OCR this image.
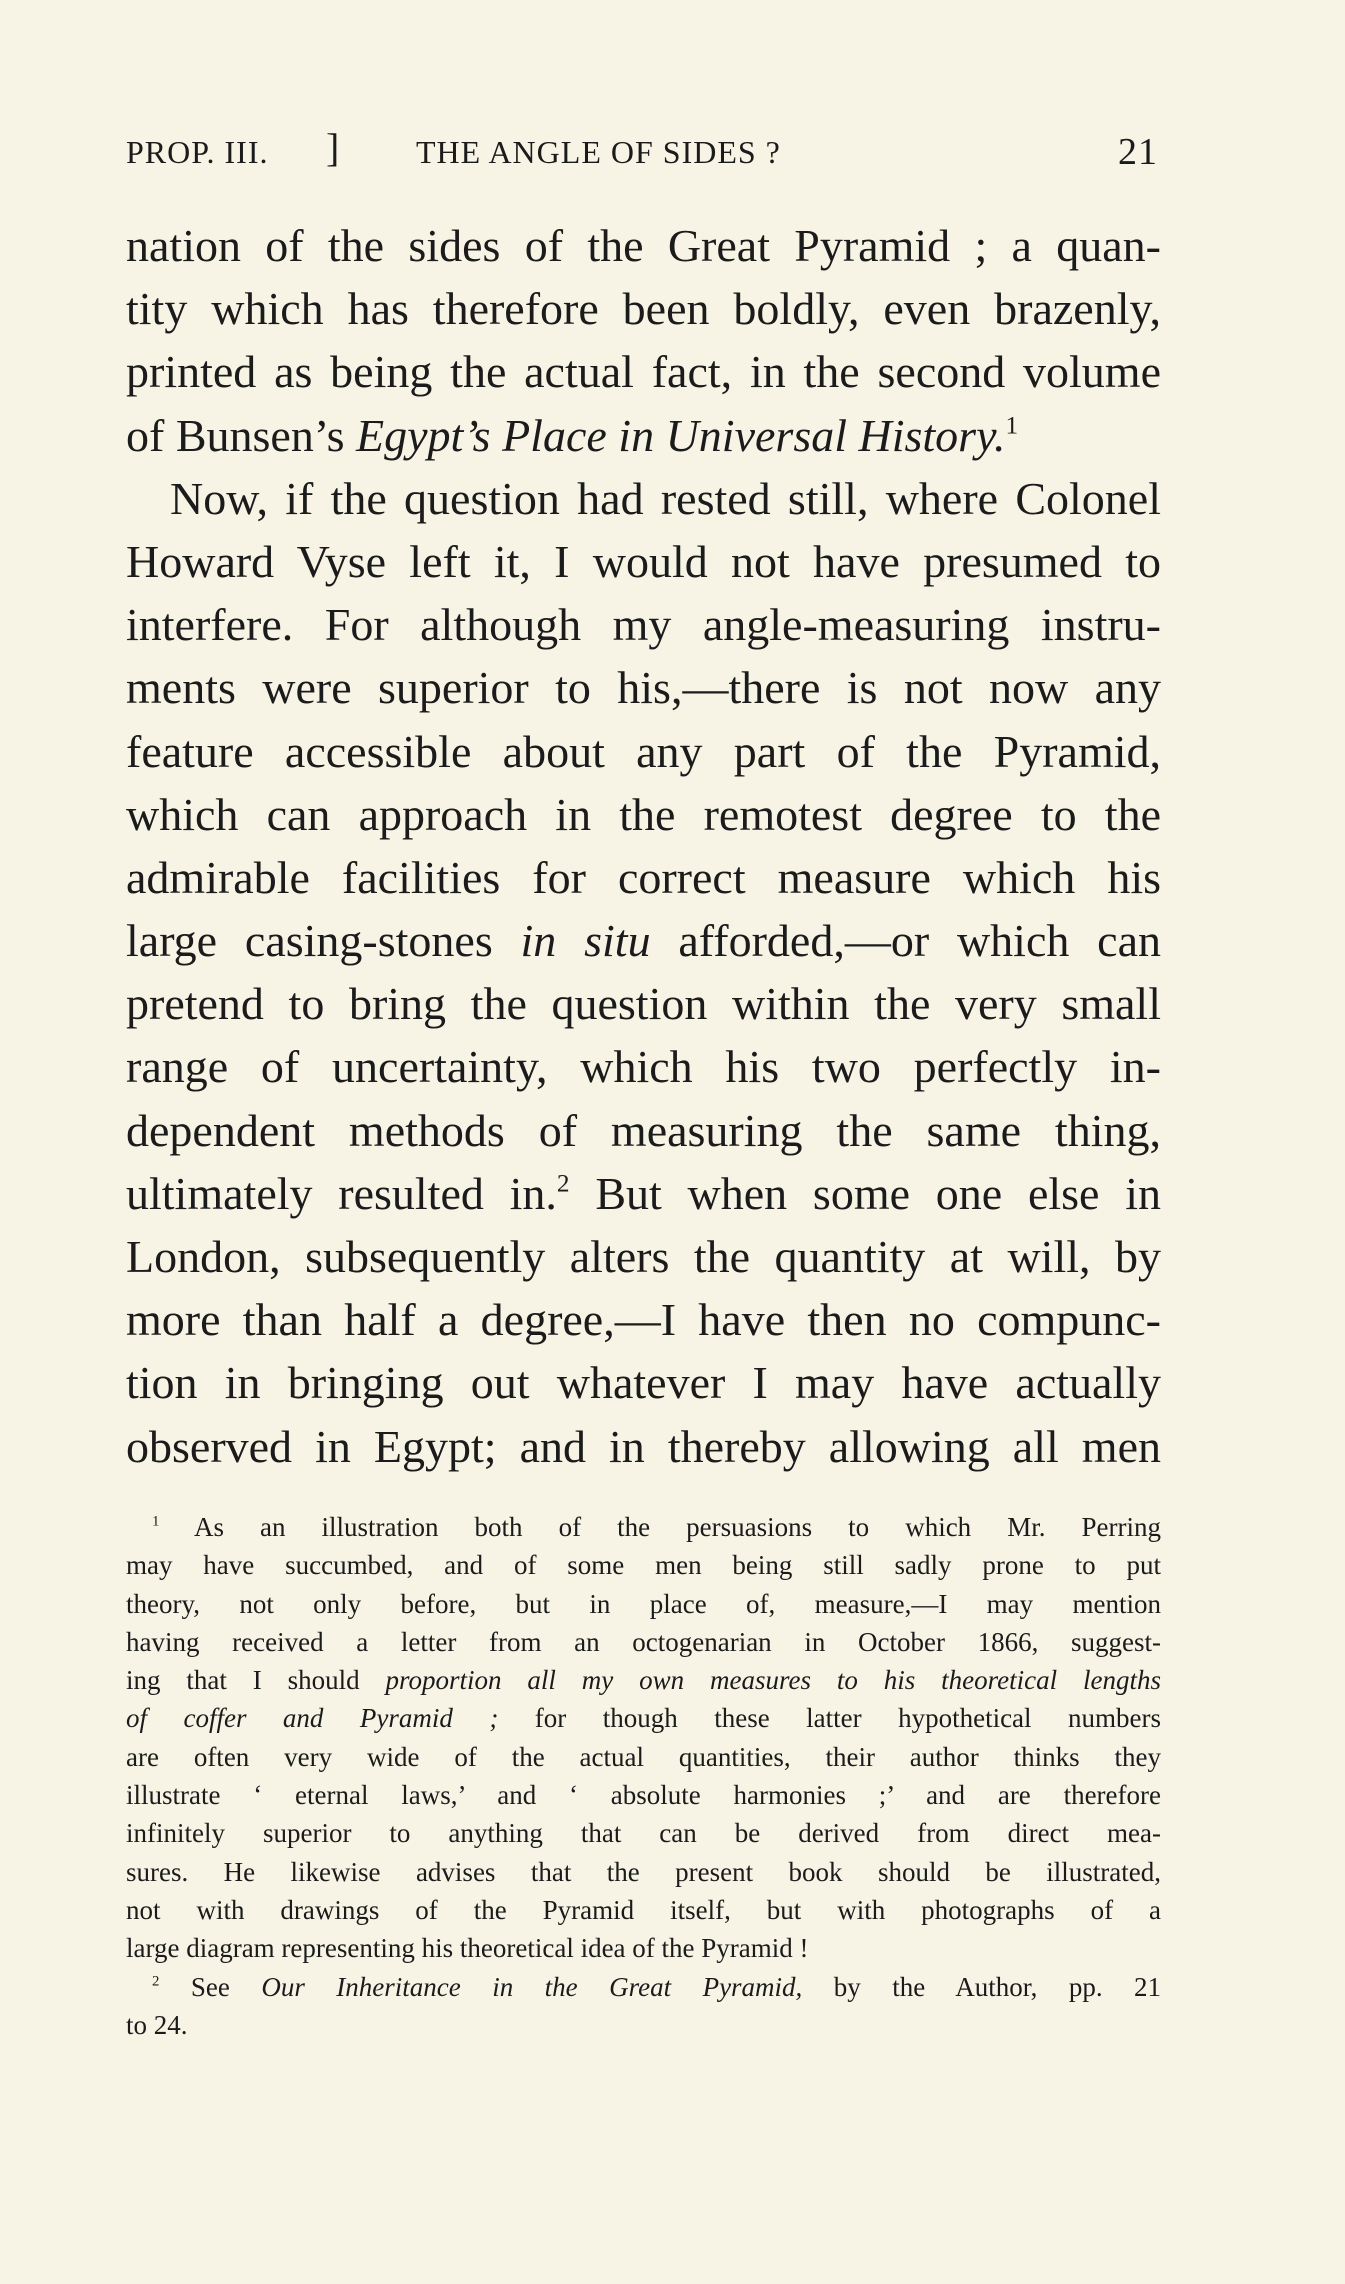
PROP. III. ] THE ANGLE OF SIDES ?	21
nation of the sides of the Great Pyramid ; a quan-
tity which has therefore been boldly, even brazenly,
printed as being the actual fact, in the second volume
of Bunsen’s Egypt’s Place in Universal History.$^1$
Now, if the question had rested still, where Colonel
Howard Vyse left it, I would not have presumed to
interfere. For although my angle-measuring instru-
ments were superior to his,—there is not now any
feature accessible about any part of the Pyramid,
which can approach in the remotest degree to the
admirable facilities for correct measure which his
large casing-stones in situ afforded,—or which can
pretend to bring the question within the very small
range of uncertainty, which his two perfectly in-
dependent methods of measuring the same thing,
ultimately resulted in.$^2$ But when some one else in
London, subsequently alters the quantity at will, by
more than half a degree,—I have then no compunc-
tion in bringing out whatever I may have actually
observed in Egypt; and in thereby allowing all men
$^1$ As an illustration both of the persuasions to which Mr. Perring
may have succumbed, and of some men being still sadly prone to put
theory, not only before, but in place of, measure,—I may mention
having received a letter from an octogenarian in October 1866, suggest-
ing that I should proportion all my own measures to his theoretical lengths
of coffer and Pyramid ; for though these latter hypothetical numbers
are often very wide of the actual quantities, their author thinks they
illustrate ‘ eternal laws,’ and ‘ absolute harmonies ;’ and are therefore
infinitely superior to anything that can be derived from direct mea-
sures. He likewise advises that the present book should be illustrated,
not with drawings of the Pyramid itself, but with photographs of a
large diagram representing his theoretical idea of the Pyramid !
$^2$ See Our Inheritance in the Great Pyramid, by the Author, pp. 21
to 24.
